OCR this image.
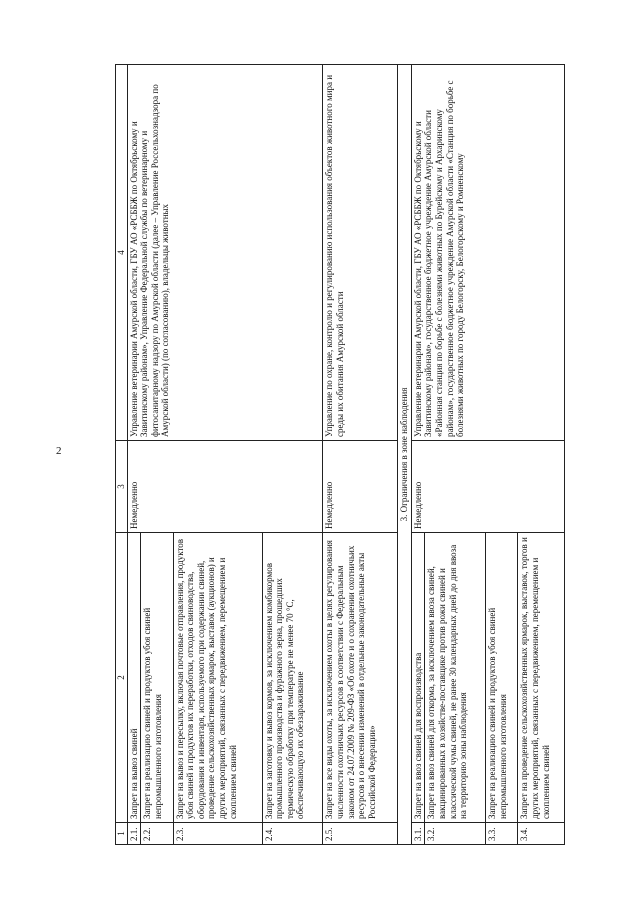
2
1	2	3	4
2.1.	Запрет на вывоз свиней	Немедленно	Управление ветеринарии Амурской области, ГБУ АО «РСББЖ по Октябрьскому и Завитинскому районам», Управление Федеральной службы по ветеринарному и фитосанитарному надзору по Амурской области (далее – Управление Россельхознадзора по Амурской области) (по согласованию), владельцы животных
2.2.	Запрет на реализацию свиней и продуктов убоя свиней непромышленного изготовления		
2.3.	Запрет на вывоз и пересылку, включая почтовые отправления, продуктов убоя свиней и продуктов их переработки, отходов свиноводства, оборудования и инвентаря, используемого при содержании свиней, проведение сельскохозяйственных ярмарок, выставок (аукционов) и других мероприятий, связанных с передвижением, перемещением и скоплением свиней		
2.4.	Запрет на заготовку и вывоз кормов, за исключением комбикормов промышленного производства и фуражного зерна, прошедших термическую обработку при температуре не менее 70 °С, обеспечивающую их обеззараживание		
2.5.	Запрет на все виды охоты, за исключением охоты в целях регулирования численности охотничьих ресурсов в соответствии с Федеральным законом от 24.07.2009 № 209-ФЗ «Об охоте и о сохранении охотничьих ресурсов и о внесении изменений в отдельные законодательные акты Российской Федерации»	Немедленно	Управление по охране, контролю и регулированию использования объектов животного мира и среды их обитания Амурской области
3. Ограничения в зоне наблюдения			
3.1.	Запрет на ввоз свиней для воспроизводства	Немедленно	Управление ветеринарии Амурской области, ГБУ АО «РСББЖ по Октябрьскому и Завитинскому районам», государственное бюджетное учреждение Амурской области «Районная станция по борьбе с болезнями животных по Бурейскому и Архаринскому районам», государственное бюджетное учреждение Амурской области «Станция по борьбе с болезнями животных по городу Белогорску, Белогорскому и Ромненскому
3.2.	Запрет на ввоз свиней для откорма, за исключением ввоза свиней, вакцинированных в хозяйстве-поставщике против рожи свиней и классической чумы свиней, не ранее 30 календарных дней до дня ввоза на территорию зоны наблюдения		
3.3.	Запрет на реализацию свиней и продуктов убоя свиней непромышленного изготовления		
3.4.	Запрет на проведение сельскохозяйственных ярмарок, выставок, торгов и других мероприятий, связанных с передвижением, перемещением и скоплением свиней		
